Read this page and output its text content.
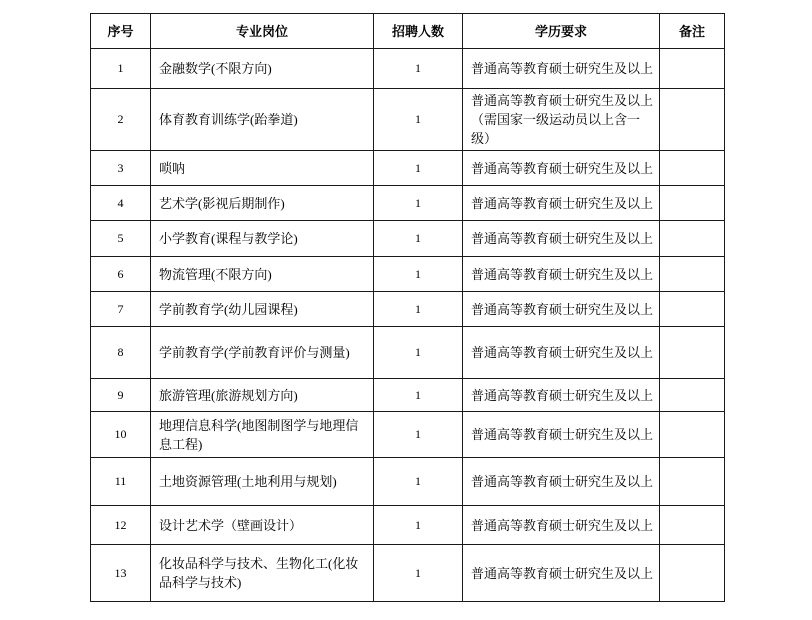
序号	专业岗位	招聘人数	学历要求	备注
1	金融数学(不限方向)	1	普通高等教育硕士研究生及以上	
2	体育教育训练学(跆拳道)	1	普通高等教育硕士研究生及以上（需国家一级运动员以上含一级）	
3	唢呐	1	普通高等教育硕士研究生及以上	
4	艺术学(影视后期制作)	1	普通高等教育硕士研究生及以上	
5	小学教育(课程与教学论)	1	普通高等教育硕士研究生及以上	
6	物流管理(不限方向)	1	普通高等教育硕士研究生及以上	
7	学前教育学(幼儿园课程)	1	普通高等教育硕士研究生及以上	
8	学前教育学(学前教育评价与测量)	1	普通高等教育硕士研究生及以上	
9	旅游管理(旅游规划方向)	1	普通高等教育硕士研究生及以上	
10	地理信息科学(地图制图学与地理信息工程)	1	普通高等教育硕士研究生及以上	
11	土地资源管理(土地利用与规划)	1	普通高等教育硕士研究生及以上	
12	设计艺术学（壁画设计）	1	普通高等教育硕士研究生及以上	
13	化妆品科学与技术、生物化工(化妆品科学与技术)	1	普通高等教育硕士研究生及以上	
